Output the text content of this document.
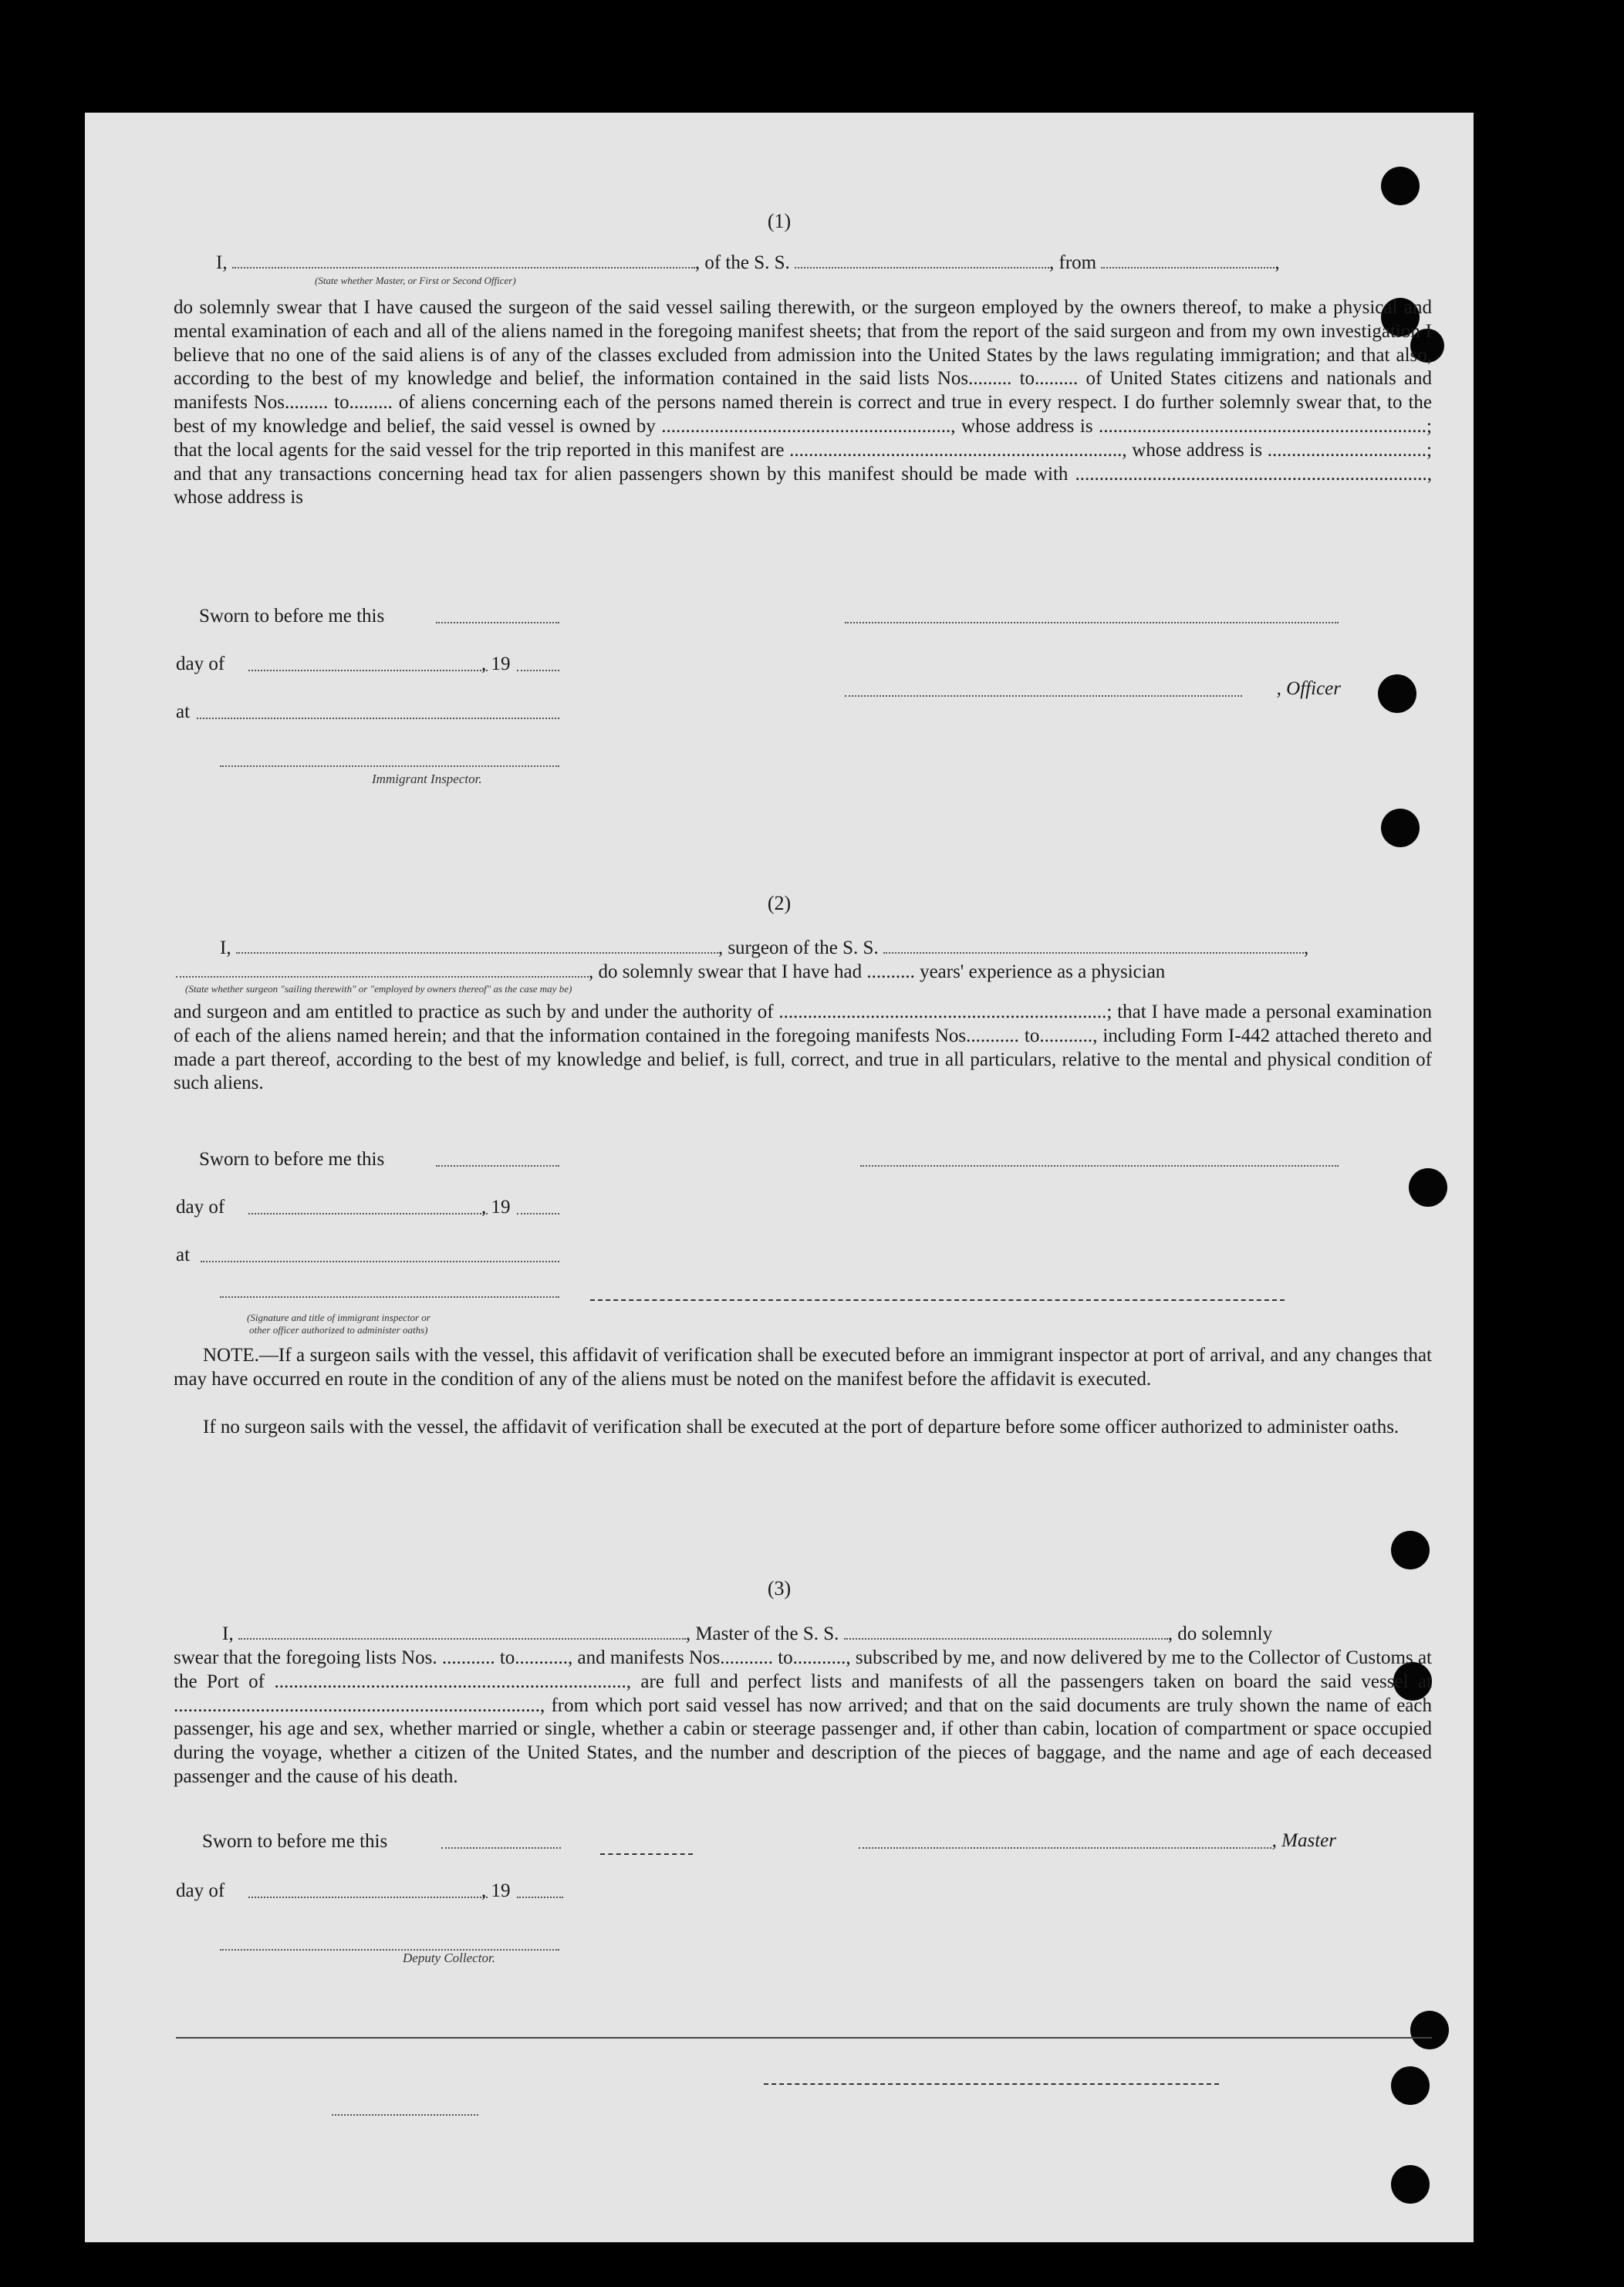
(1)
I,	, of the S. S.	, from	,
(State whether Master, or First or Second Officer)
do solemnly swear that I have caused the surgeon of the said vessel sailing therewith, or the surgeon employed by the owners thereof, to make a physical and mental examination of each and all of the aliens named in the foregoing manifest sheets; that from the report of the said surgeon and from my own investigation I believe that no one of the said aliens is of any of the classes excluded from admission into the United States by the laws regulating immigration; and that also, according to the best of my knowledge and belief, the information contained in the said lists Nos......... to......... of United States citizens and nationals and manifests Nos......... to......... of aliens concerning each of the persons named therein is correct and true in every respect. I do further solemnly swear that, to the best of my knowledge and belief, the said vessel is owned by ............................................................, whose address is ....................................................................; that the local agents for the said vessel for the trip reported in this manifest are ....................................................................., whose address is .................................; and that any transactions concerning head tax for alien passengers shown by this manifest should be made with ........................................................................., whose address is
Sworn to before me this
day of	, 19
, Officer
at
Immigrant Inspector.
(2)
I,	, surgeon of the S. S.	,
, do solemnly swear that I have had .......... years' experience as a physician
(State whether surgeon "sailing therewith" or "employed by owners thereof" as the case may be)
and surgeon and am entitled to practice as such by and under the authority of ....................................................................; that I have made a personal examination of each of the aliens named herein; and that the information contained in the foregoing manifests Nos........... to..........., including Form I-442 attached thereto and made a part thereof, according to the best of my knowledge and belief, is full, correct, and true in all particulars, relative to the mental and physical condition of such aliens.
Sworn to before me this
day of	, 19
at
(Signature and title of immigrant inspector or
other officer authorized to administer oaths)
NOTE.—If a surgeon sails with the vessel, this affidavit of verification shall be executed before an immigrant inspector at port of arrival, and any changes that may have occurred en route in the condition of any of the aliens must be noted on the manifest before the affidavit is executed.
If no surgeon sails with the vessel, the affidavit of verification shall be executed at the port of departure before some officer authorized to administer oaths.
(3)
I,	, Master of the S. S.	, do solemnly
swear that the foregoing lists Nos. ........... to..........., and manifests Nos........... to..........., subscribed by me, and now delivered by me to the Collector of Customs at the Port of ........................................................................., are full and perfect lists and manifests of all the passengers taken on board the said vessel at ............................................................................, from which port said vessel has now arrived; and that on the said documents are truly shown the name of each passenger, his age and sex, whether married or single, whether a cabin or steerage passenger and, if other than cabin, location of compartment or space occupied during the voyage, whether a citizen of the United States, and the number and description of the pieces of baggage, and the name and age of each deceased passenger and the cause of his death.
Sworn to before me this	, Master
day of	, 19
Deputy Collector.
